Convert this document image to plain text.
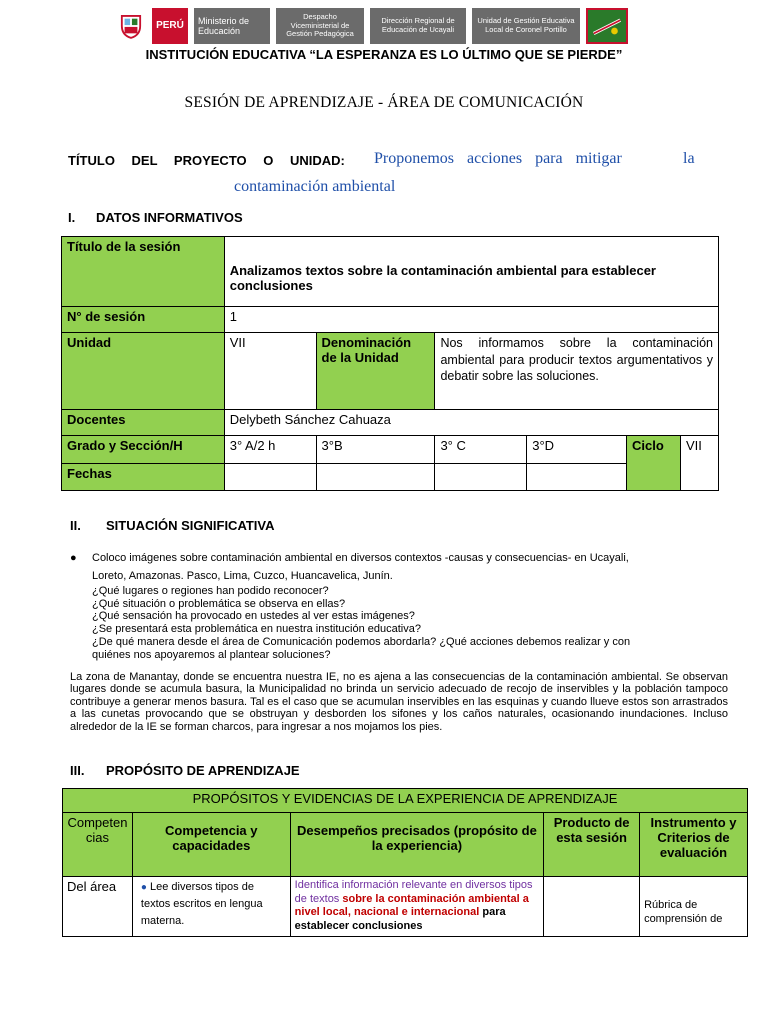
PERÚ	Ministerio de Educación
Despacho Viceministerial de Gestión Pedagógica
Dirección Regional de Educación de Ucayali
Unidad de Gestión Educativa Local de Coronel Portillo
INSTITUCIÓN EDUCATIVA “LA ESPERANZA ES LO ÚLTIMO QUE SE PIERDE”
SESIÓN DE APRENDIZAJE - ÁREA DE COMUNICACIÓN
TÍTULO DEL PROYECTO O UNIDAD: Proponemos acciones para mitigar	la
contaminación ambiental
I. DATOS INFORMATIVOS
Título de la sesión	Analizamos textos sobre la contaminación ambiental para establecer conclusiones					
N° de sesión	1					
Unidad	VII	Denominación de la Unidad	Nos informamos sobre la contaminación ambiental para producir textos argumentativos y debatir sobre las soluciones.			
Docentes	Delybeth Sánchez Cahuaza					
Grado y Sección/H	3° A/2 h	3°B	3° C	3°D	Ciclo	VII
Fechas						
II. SITUACIÓN SIGNIFICATIVA
● Coloco imágenes sobre contaminación ambiental en diversos contextos -causas y consecuencias- en Ucayali,
Loreto, Amazonas. Pasco, Lima, Cuzco, Huancavelica, Junín.
¿Qué lugares o regiones han podido reconocer?
¿Qué situación o problemática se observa en ellas?
¿Qué sensación ha provocado en ustedes al ver estas imágenes?
¿Se presentará esta problemática en nuestra institución educativa?
¿De qué manera desde el área de Comunicación podemos abordarla? ¿Qué acciones debemos realizar y con
quiénes nos apoyaremos al plantear soluciones?
La zona de Manantay, donde se encuentra nuestra IE, no es ajena a las consecuencias de la contaminación ambiental. Se observan lugares donde se acumula basura, la Municipalidad no brinda un servicio adecuado de recojo de inservibles y la población tampoco contribuye a generar menos basura. Tal es el caso que se acumulan inservibles en las esquinas y cuando llueve estos son arrastrados a las cunetas provocando que se obstruyan y desborden los sifones y los caños naturales, ocasionando inundaciones. Incluso alrededor de la IE se forman charcos, para ingresar a nos mojamos los pies.
III. PROPÓSITO DE APRENDIZAJE
PROPÓSITOS Y EVIDENCIAS DE LA EXPERIENCIA DE APRENDIZAJE				
Competencias	Competencia y capacidades	Desempeños precisados (propósito de la experiencia)	Producto de esta sesión	Instrumento y Criterios de evaluación
Del área	● Lee diversos tipos de textos escritos en lengua materna.	Identifica información relevante en diversos tipos de textos sobre la contaminación ambiental a nivel local, nacional e internacional para establecer conclusiones		Rúbrica de comprensión de
